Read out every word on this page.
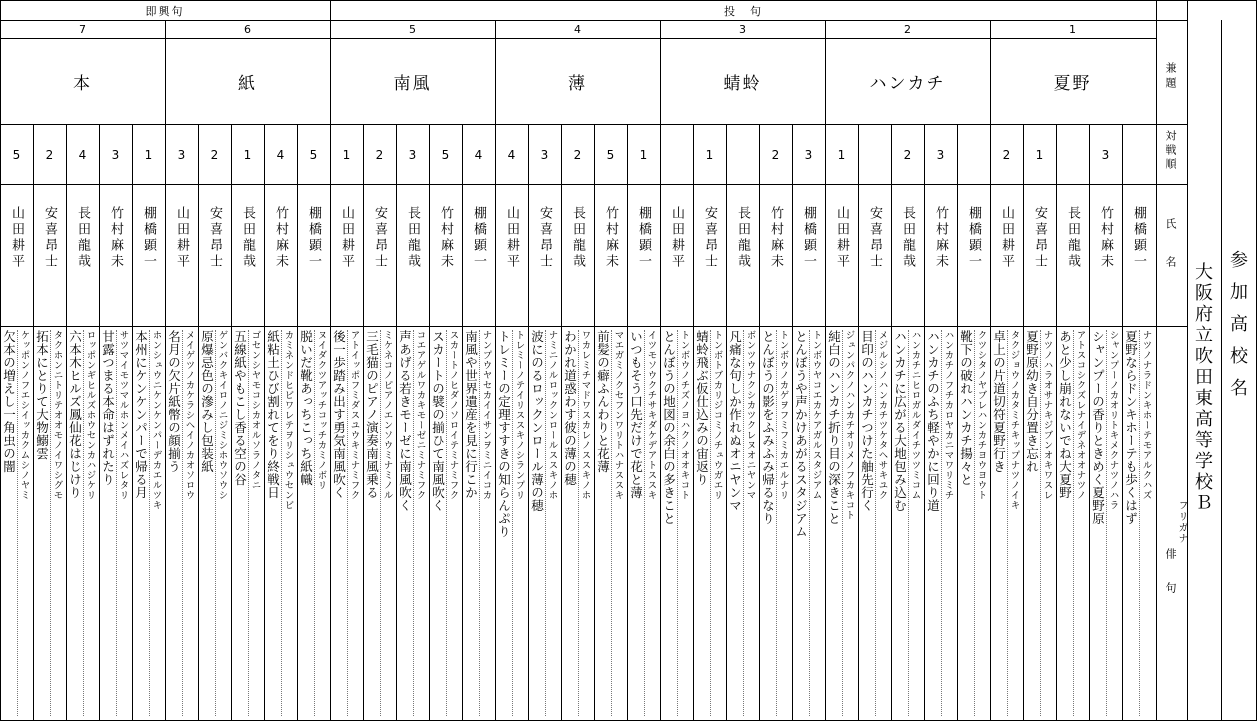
即興句	投　句
7
本
5
山田耕平
欠本の増えし一角虫の闇 ケッポンノフエシイッカクムシノヤミ
2
安喜昂士
拓本にとりて大物鰯雲 タクホンニトリテオオモノイワシグモ
4
長田龍哉
六本木ヒルズ鳳仙花はじけり ロッポンギヒルズホウセンカハジケリ
3
竹村麻未
甘露つまる本命はずれたり サツマイモツマルホンメイハズレタリ
1
棚橋顕一
本州にケンケンパーで帰る月 ホンシュウニケンケンパーデカエルツキ
6
紙
3
山田耕平
名月の欠片紙幣の顔揃う メイゲツノカケラシヘイノカオソロウ
2
安喜昂士
原爆忌色の滲みし包装紙 ゲンバクキイロノニジミシホウソウシ
1
長田龍哉
五線紙やもこし香る空の谷 ゴセンシヤモコシカオルソラノタニ
4
竹村麻未
紙粘土ひび割れてをり終戦日 カミネンドヒビワレテヲリシュウセンビ
5
棚橋顕一
脱いだ靴あっちこっち紙幟 ヌイダクツアッチコッチカミノボリ
5
南風
1
山田耕平
後一歩踏み出す勇気南風吹く アトイッポフミダスユウキミナミフク
2
安喜昂士
三毛猫のピアノ演奏南風乗る ミケネコノピアノエンソウミナミノル
3
長田龍哉
声あげる若きモーゼに南風吹く コエアゲルワカキモーゼニミナミフク
5
竹村麻未
スカートの襞の揃ひて南風吹く スカートノヒダノソロイテミナミフク
4
棚橋顕一
南風や世界遺産を見に行こか ナンプウヤセカイイサンヲミニイコカ
4
薄
4
山田耕平
トレミーの定理すすきの知らんぷり トレミーノテイリススキノシランプリ
3
安喜昂士
波にのるロックンロール薄の穂 ナミニノルロックンロールススキノホ
2
長田龍哉
わかれ道惑わす彼の薄の穂 ワカレミチマドワスカレノススキノホ
5
竹村麻未
前髪の癖ふんわりと花薄 マエガミノクセフンワリトハナススキ
1
棚橋顕一
いつもそう口先だけで花と薄 イツモソウクチサキダケデアトススキ
3
蜻蛉
山田耕平
とんぼうの地図の余白の多きこと トンボウノチズノヨハクノオオキコト
1
安喜昂士
蜻蛉飛ぶ仮仕込みの宙返り トンボトブカリジコミノチュウガエリ
長田龍哉
凡痛な句しか作れぬオニヤンマ ボンツウナクシカツクレヌオニヤンマ
2
竹村麻未
とんぼうの影をふみふみ帰るなり トンボウノカゲヲフミフミカエルナリ
3
棚橋顕一
とんぼうや声かけあがるスタジアム トンボウヤコエカケアガルスタジアム
2
ハンカチ
1
山田耕平
純白のハンカチ折り目の深きこと ジュンパクノハンカチオリメノフカキコト
安喜昂士
目印のハンカチつけた舳先行く メジルシノハンカチツケタヘサキユク
2
長田龍哉
ハンカチに広がる大地包み込む ハンカチニヒロガルダイチツツミコム
3
竹村麻未
ハンカチのふち軽やかに回り道 ハンカチノフチカロヤカニマワリミチ
棚橋顕一
靴下の破れハンカチ揚々と クツシタノヤブレハンカチヨウヨウト
1
夏野
2
山田耕平
卓上の片道切符夏野行き タクジョウノカタミチキップナツノイキ
1
安喜昂士
夏野原幼き自分置き忘れ ナツノハラオサナキジブンオキワスレ
長田龍哉
あと少し崩れないでね大夏野 アトスコシクズレナイデネオオナツノ
3
竹村麻未
シャンプーの香りときめく夏野原 シャンプーノカオリトキメクナツノハラ
棚橋顕一
夏野ならドンキホーテも歩くはず ナツノナラドンキホーテモアルクハズ
兼題
対戦順
氏　名
俳　句
フリガナ
大阪府立吹田東高等学校Ｂ 参加高校名
